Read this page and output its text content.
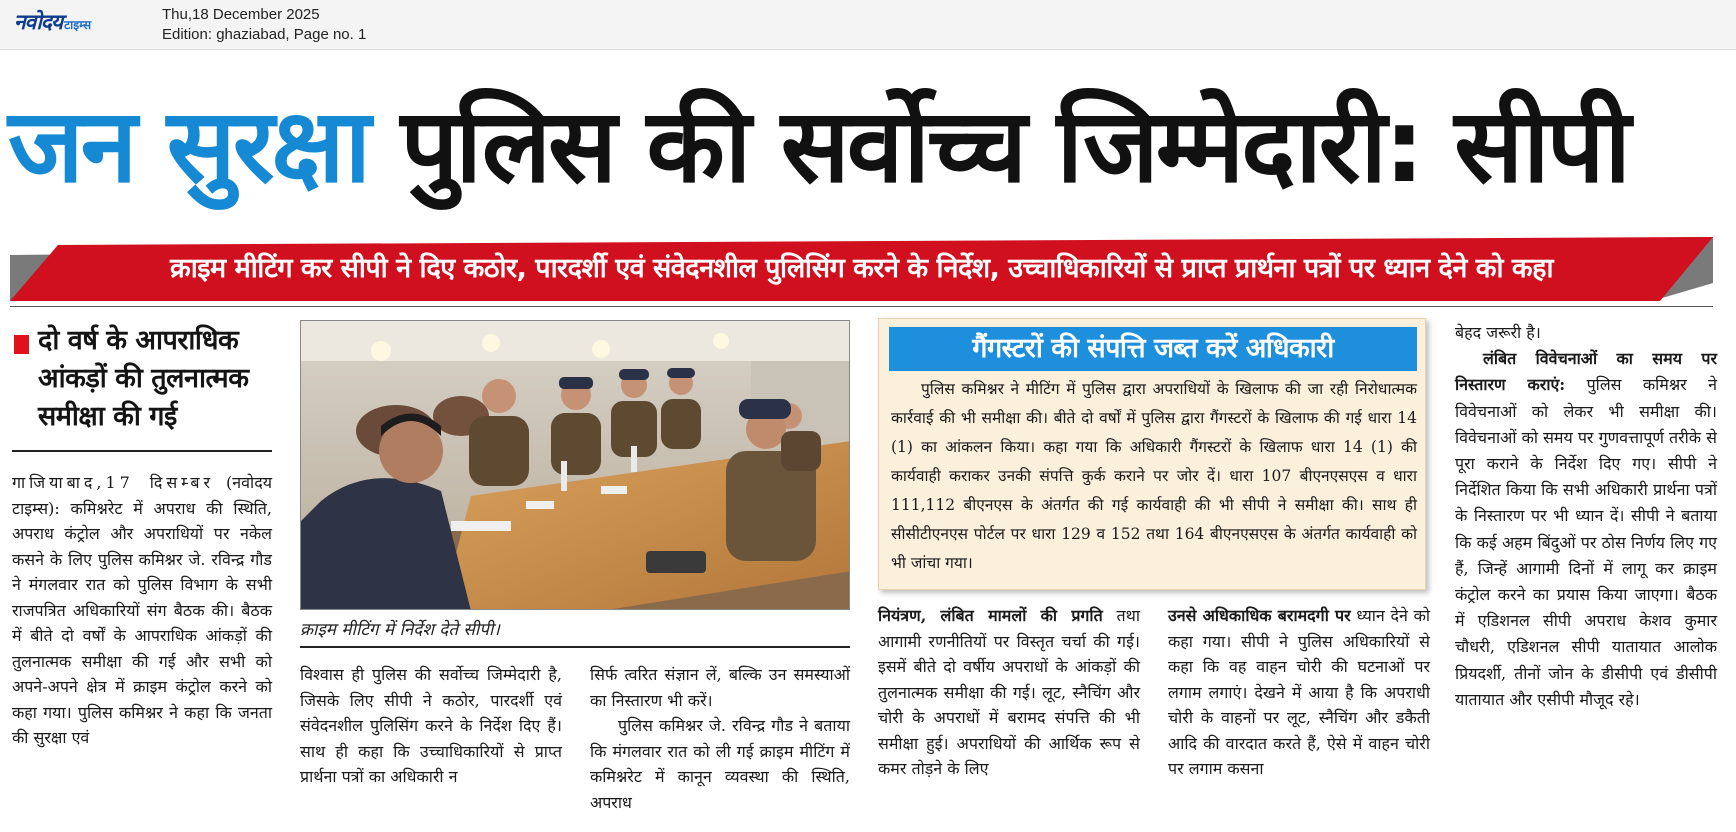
नवोदय टाइम्स
Thu,18 December 2025
Edition: ghaziabad, Page no. 1
जन सुरक्षा पुलिस की सर्वोच्च जिम्मेदारी: सीपी
क्राइम मीटिंग कर सीपी ने दिए कठोर, पारदर्शी एवं संवेदनशील पुलिसिंग करने के निर्देश, उच्चाधिकारियों से प्राप्त प्रार्थना पत्रों पर ध्यान देने को कहा
दो वर्ष के आपराधिक आंकड़ों की तुलनात्मक समीक्षा की गई
गाजियाबाद,17 दिसम्बर (नवोदय टाइम्स): कमिश्नरेट में अपराध की स्थिति, अपराध कंट्रोल और अपराधियों पर नकेल कसने के लिए पुलिस कमिश्नर जे. रविन्द्र गौड ने मंगलवार रात को पुलिस विभाग के सभी राजपत्रित अधिकारियों संग बैठक की। बैठक में बीते दो वर्षों के आपराधिक आंकड़ों की तुलनात्मक समीक्षा की गई और सभी को अपने-अपने क्षेत्र में क्राइम कंट्रोल करने को कहा गया। पुलिस कमिश्नर ने कहा कि जनता की सुरक्षा एवं
क्राइम मीटिंग में निर्देश देते सीपी।
विश्वास ही पुलिस की सर्वोच्च जिम्मेदारी है, जिसके लिए सीपी ने कठोर, पारदर्शी एवं संवेदनशील पुलिसिंग करने के निर्देश दिए हैं। साथ ही कहा कि उच्चाधिकारियों से प्राप्त प्रार्थना पत्रों का अधिकारी न
सिर्फ त्वरित संज्ञान लें, बल्कि उन समस्याओं का निस्तारण भी करें।
पुलिस कमिश्नर जे. रविन्द्र गौड ने बताया कि मंगलवार रात को ली गई क्राइम मीटिंग में कमिश्नरेट में कानून व्यवस्था की स्थिति, अपराध
गैंगस्टरों की संपत्ति जब्त करें अधिकारी
पुलिस कमिश्नर ने मीटिंग में पुलिस द्वारा अपराधियों के खिलाफ की जा रही निरोधात्मक कार्रवाई की भी समीक्षा की। बीते दो वर्षों में पुलिस द्वारा गैंगस्टरों के खिलाफ की गई धारा 14 (1) का आंकलन किया। कहा गया कि अधिकारी गैंगस्टरों के खिलाफ धारा 14 (1) की कार्यवाही कराकर उनकी संपत्ति कुर्क कराने पर जोर दें। धारा 107 बीएनएसएस व धारा 111,112 बीएनएस के अंतर्गत की गई कार्यवाही की भी सीपी ने समीक्षा की। साथ ही सीसीटीएनएस पोर्टल पर धारा 129 व 152 तथा 164 बीएनएसएस के अंतर्गत कार्यवाही को भी जांचा गया।
नियंत्रण, लंबित मामलों की प्रगति तथा आगामी रणनीतियों पर विस्तृत चर्चा की गई। इसमें बीते दो वर्षीय अपराधों के आंकड़ों की तुलनात्मक समीक्षा की गई। लूट, स्नैचिंग और चोरी के अपराधों में बरामद संपत्ति की भी समीक्षा हुई। अपराधियों की आर्थिक रूप से कमर तोड़ने के लिए
उनसे अधिकाधिक बरामदगी पर ध्यान देने को कहा गया। सीपी ने पुलिस अधिकारियों से कहा कि वह वाहन चोरी की घटनाओं पर लगाम लगाएं। देखने में आया है कि अपराधी चोरी के वाहनों पर लूट, स्नैचिंग और डकैती आदि की वारदात करते हैं, ऐसे में वाहन चोरी पर लगाम कसना
बेहद जरूरी है।
लंबित विवेचनाओं का समय पर निस्तारण कराएं: पुलिस कमिश्नर ने विवेचनाओं को लेकर भी समीक्षा की। विवेचनाओं को समय पर गुणवत्तापूर्ण तरीके से पूरा कराने के निर्देश दिए गए। सीपी ने निर्देशित किया कि सभी अधिकारी प्रार्थना पत्रों के निस्तारण पर भी ध्यान दें। सीपी ने बताया कि कई अहम बिंदुओं पर ठोस निर्णय लिए गए हैं, जिन्हें आगामी दिनों में लागू कर क्राइम कंट्रोल करने का प्रयास किया जाएगा। बैठक में एडिशनल सीपी अपराध केशव कुमार चौधरी, एडिशनल सीपी यातायात आलोक प्रियदर्शी, तीनों जोन के डीसीपी एवं डीसीपी यातायात और एसीपी मौजूद रहे।
